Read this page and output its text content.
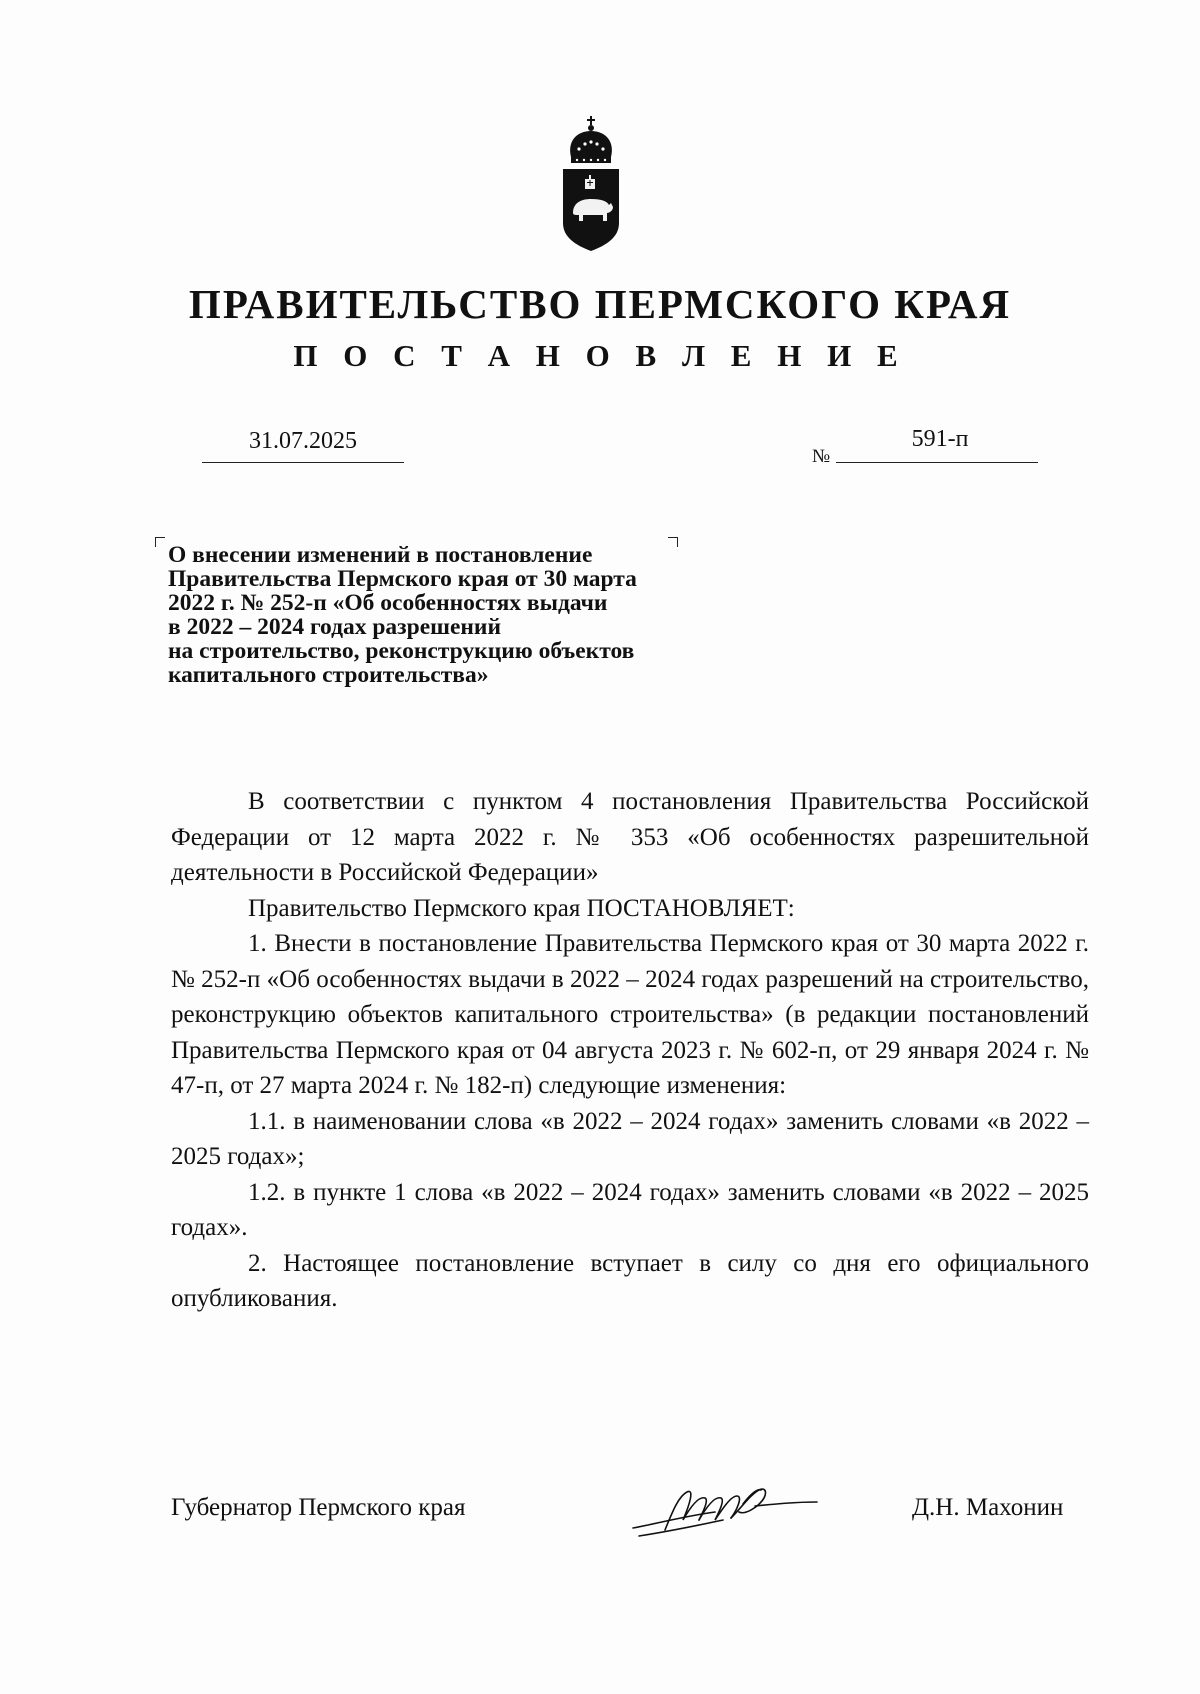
ПРАВИТЕЛЬСТВО ПЕРМСКОГО КРАЯ
П О С Т А Н О В Л Е Н И Е
31.07.2025
№
591-п
О внесении изменений в постановление
Правительства Пермского края от 30 марта
2022 г. № 252-п «Об особенностях выдачи
в 2022 – 2024 годах разрешений
на строительство, реконструкцию объектов
капитального строительства»

В соответствии с пунктом 4 постановления Правительства Российской Федерации от 12 марта 2022 г. № 353 «Об особенностях разрешительной деятельности в Российской Федерации»

Правительство Пермского края ПОСТАНОВЛЯЕТ:

1. Внести в постановление Правительства Пермского края от 30 марта 2022 г. № 252-п «Об особенностях выдачи в 2022 – 2024 годах разрешений на строительство, реконструкцию объектов капитального строительства» (в редакции постановлений Правительства Пермского края от 04 августа 2023 г. № 602-п, от 29 января 2024 г. № 47-п, от 27 марта 2024 г. № 182-п) следующие изменения:

1.1. в наименовании слова «в 2022 – 2024 годах» заменить словами «в 2022 – 2025 годах»;

1.2. в пункте 1 слова «в 2022 – 2024 годах» заменить словами «в 2022 – 2025 годах».

2. Настоящее постановление вступает в силу со дня его официального опубликования.

Губернатор Пермского края	Д.Н. Махонин
